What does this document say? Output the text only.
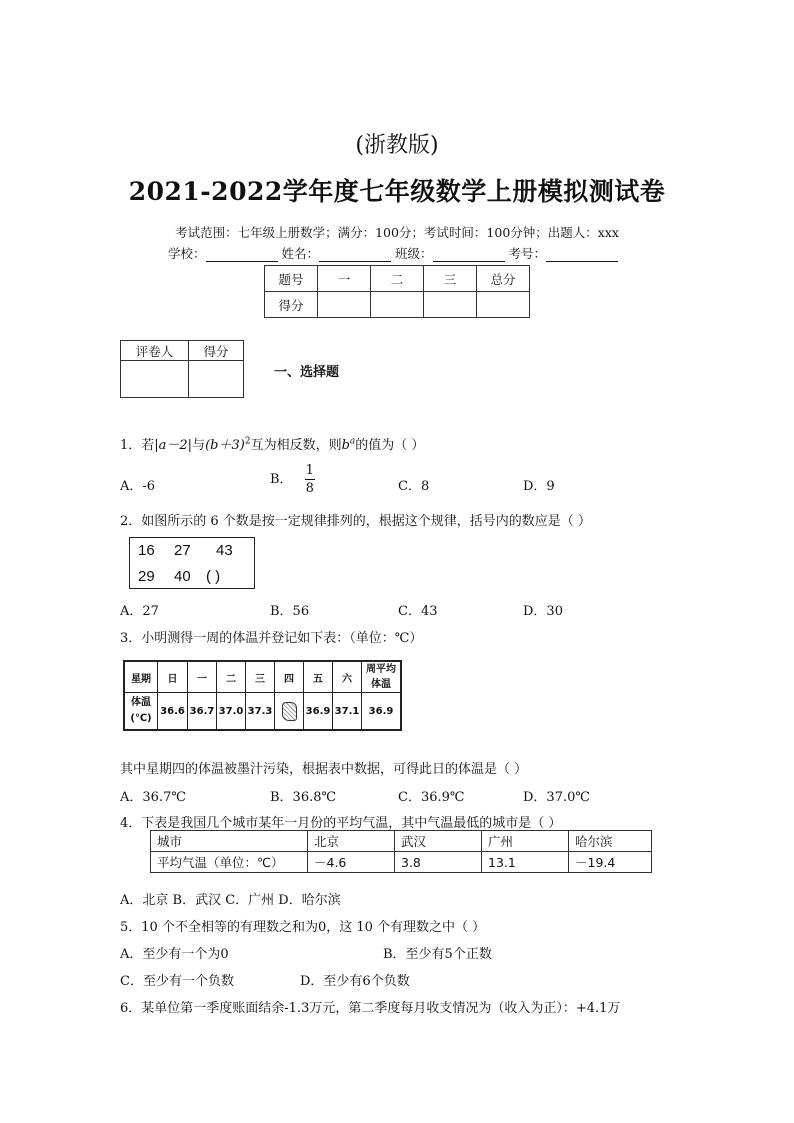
(浙教版)
2021-2022学年度七年级数学上册模拟测试卷
考试范围：七年级上册数学；满分：100分；考试时间：100分钟；出题人：xxx
学校：	姓名：	班级：	考号：
题号	一	二	三	总分
得分				
评卷人	得分

一、选择题
1．若|a－2|与$(b+3)^2$互为相反数，则$b^a$的值为（ ）
A．-6	B． $\frac{1}{8}$	C．8	D．9
2．如图所示的 6 个数是按一定规律排列的，根据这个规律，括号内的数应是（ ）
16 27 43
29 40 ( )
A．27	B．56	C．43	D．30
3．小明测得一周的体温并登记如下表：（单位：℃）
星期	日	一	二	三	四	五	六	周平均体温
体温
(℃)	36.6	36.7	37.0	37.3		36.9	37.1	36.9
其中星期四的体温被墨汁污染，根据表中数据，可得此日的体温是（ ）
A．36.7℃	B．36.8℃	C．36.9℃	D．37.0℃
4．下表是我国几个城市某年一月份的平均气温，其中气温最低的城市是（ ）
城市	北京	武汉	广州	哈尔滨
平均气温（单位：℃）	－4.6	3.8	13.1	－19.4
A．北京 B．武汉 C．广州 D．哈尔滨
5．10 个不全相等的有理数之和为0，这 10 个有理数之中（ ）
A．至少有一个为0	B．至少有5个正数
C．至少有一个负数	D．至少有6个负数
6．某单位第一季度账面结余-1.3万元，第二季度每月收支情况为（收入为正）：+4.1万
